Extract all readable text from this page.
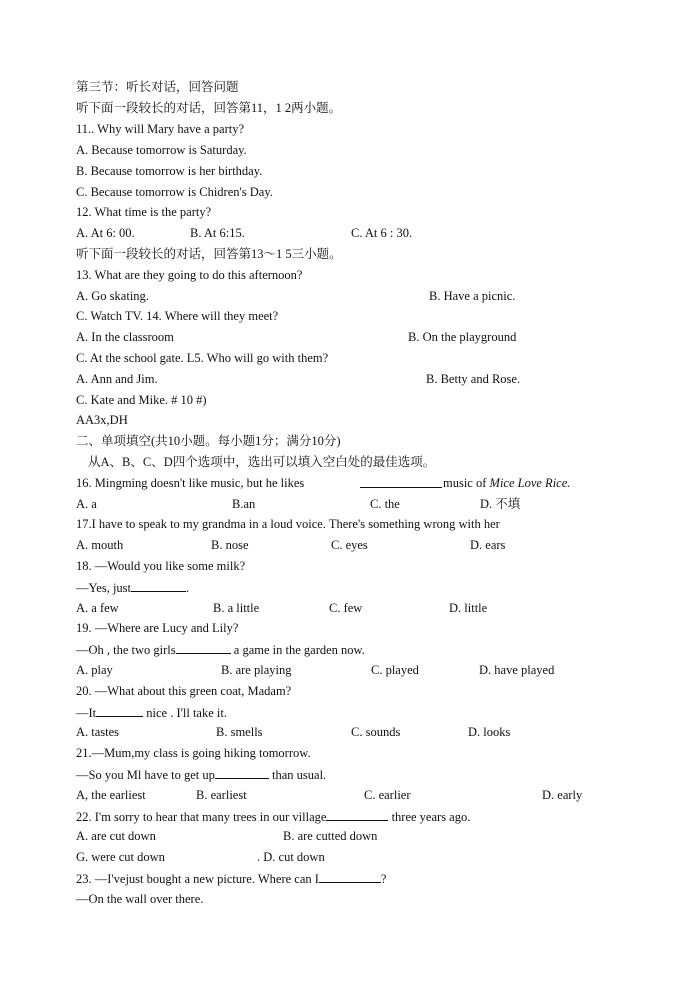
第三节：听长对话，回答问题
听下面一段较长的对话，回答第11，1 2两小题。
11.. Why will Mary have a party?
A. Because tomorrow is Saturday.
B. Because tomorrow is her birthday.
C. Because tomorrow is Chidren's Day.
12. What time is the party?
A. At 6: 00.	B. At 6:15.	C. At 6 : 30.
听下面一段较长的对话，回答第13～1 5三小题。
13. What are they going to do this afternoon?
A. Go skating.	B. Have a picnic.
C. Watch TV. 14. Where will they meet?
A. In the classroom	B. On the playground
C. At the school gate. L5. Who will go with them?
A. Ann and Jim.	B. Betty and Rose.
C. Kate and Mike. # 10 #)
AA3x,DH
二、单项填空(共10小题。每小题1分；满分10分)
从A、B、C、D四个选项中，选出可以填入空白处的最佳选项。
16. Mingming doesn't like music, but he likes	music of Mice Love Rice.
A. a	B.an	C. the	D. 不填
17.I have to speak to my grandma in a loud voice. There's something wrong with her
A. mouth	B. nose	C. eyes	D. ears
18. —Would you like some milk?
—Yes, just	.
A. a few	B. a little	C. few	D. little
19. —Where are Lucy and Lily?
—Oh , the two girls	a game in the garden now.
A. play	B. are playing	C. played	D. have played
20. —What about this green coat, Madam?
—It	nice . I'll take it.
A. tastes	B. smells	C. sounds	D. looks
21.—Mum,my class is going hiking tomorrow.
—So you Ml have to get up	than usual.
A, the earliest	B. earliest	C. earlier	D. early
22. I'm sorry to hear that many trees in our village	three years ago.
A. are cut down	B. are cutted down
G. were cut down	. D. cut down
23. —I'vejust bought a new picture. Where can I	?
—On the wall over there.
